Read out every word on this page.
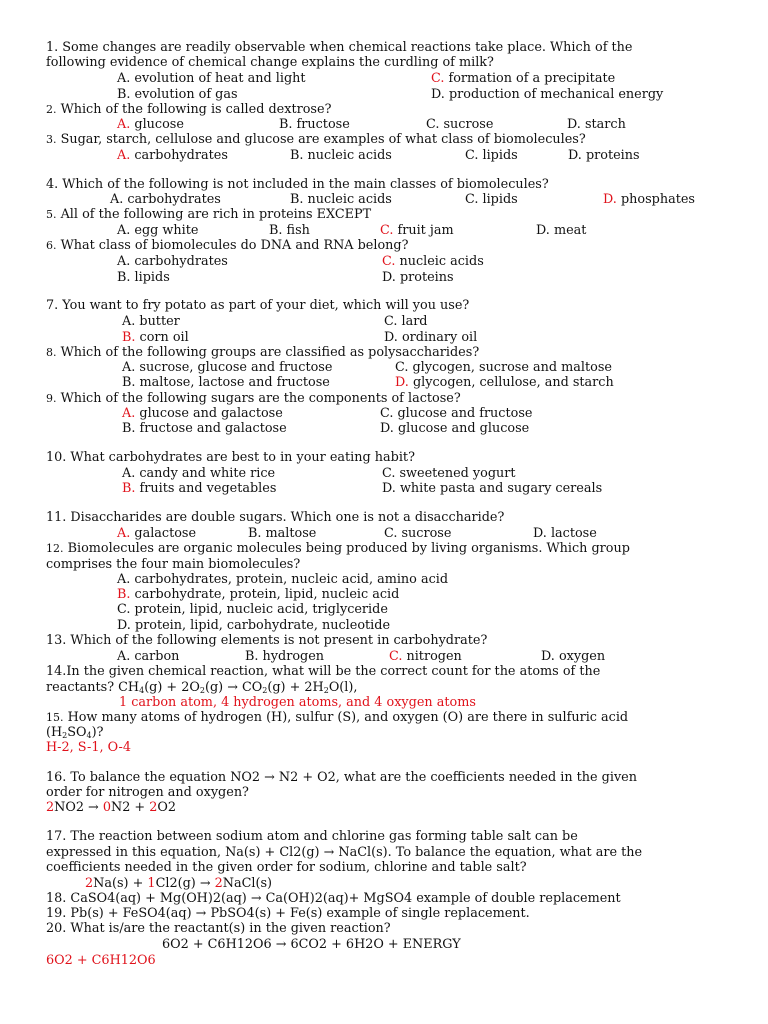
1. Some changes are readily observable when chemical reactions take place. Which of the
following evidence of chemical change explains the curdling of milk?
A. evolution of heat and light	C. formation of a precipitate
B. evolution of gas	D. production of mechanical energy
2. Which of the following is called dextrose?
A. glucose	B. fructose	C. sucrose	D. starch
3. Sugar, starch, cellulose and glucose are examples of what class of biomolecules?
A. carbohydrates	B. nucleic acids	C. lipids	D. proteins
4. Which of the following is not included in the main classes of biomolecules?
A. carbohydrates	B. nucleic acids	C. lipids	D. phosphates
5. All of the following are rich in proteins EXCEPT
A. egg white	B. fish	C. fruit jam	D. meat
6. What class of biomolecules do DNA and RNA belong?
A. carbohydrates	C. nucleic acids
B. lipids	D. proteins
7. You want to fry potato as part of your diet, which will you use?
A. butter	C. lard
B. corn oil	D. ordinary oil
8. Which of the following groups are classified as polysaccharides?
A. sucrose, glucose and fructose	C. glycogen, sucrose and maltose
B. maltose, lactose and fructose	D. glycogen, cellulose, and starch
9. Which of the following sugars are the components of lactose?
A. glucose and galactose	C. glucose and fructose
B. fructose and galactose	D. glucose and glucose
10. What carbohydrates are best to in your eating habit?
A. candy and white rice	C. sweetened yogurt
B. fruits and vegetables	D. white pasta and sugary cereals
11. Disaccharides are double sugars. Which one is not a disaccharide?
A. galactose	B. maltose	C. sucrose	D. lactose
12. Biomolecules are organic molecules being produced by living organisms. Which group
comprises the four main biomolecules?
A. carbohydrates, protein, nucleic acid, amino acid
B. carbohydrate, protein, lipid, nucleic acid
C. protein, lipid, nucleic acid, triglyceride
D. protein, lipid, carbohydrate, nucleotide
13. Which of the following elements is not present in carbohydrate?
A. carbon	B. hydrogen	C. nitrogen	D. oxygen
14.In the given chemical reaction, what will be the correct count for the atoms of the
reactants? $CH_4(g) + 2O_2(g) \to CO_2(g) + 2H_2O(l)$,
1 carbon atom, 4 hydrogen atoms, and 4 oxygen atoms
15. How many atoms of hydrogen (H), sulfur (S), and oxygen (O) are there in sulfuric acid
$(H_2SO_4)$?
H-2, S-1, O-4
16. To balance the equation NO2 → N2 + O2, what are the coefficients needed in the given
order for nitrogen and oxygen?
2NO2 → 0N2 + 2O2
17. The reaction between sodium atom and chlorine gas forming table salt can be
expressed in this equation, Na(s) + Cl2(g) → NaCl(s). To balance the equation, what are the
coefficients needed in the given order for sodium, chlorine and table salt?
2Na(s) + 1Cl2(g) → 2NaCl(s)
18. CaSO4(aq) + Mg(OH)2(aq) → Ca(OH)2(aq)+ MgSO4 example of double replacement
19. Pb(s) + FeSO4(aq) → PbSO4(s) + Fe(s) example of single replacement.
20. What is/are the reactant(s) in the given reaction?
6O2 + C6H12O6 → 6CO2 + 6H2O + ENERGY
6O2 + C6H12O6
